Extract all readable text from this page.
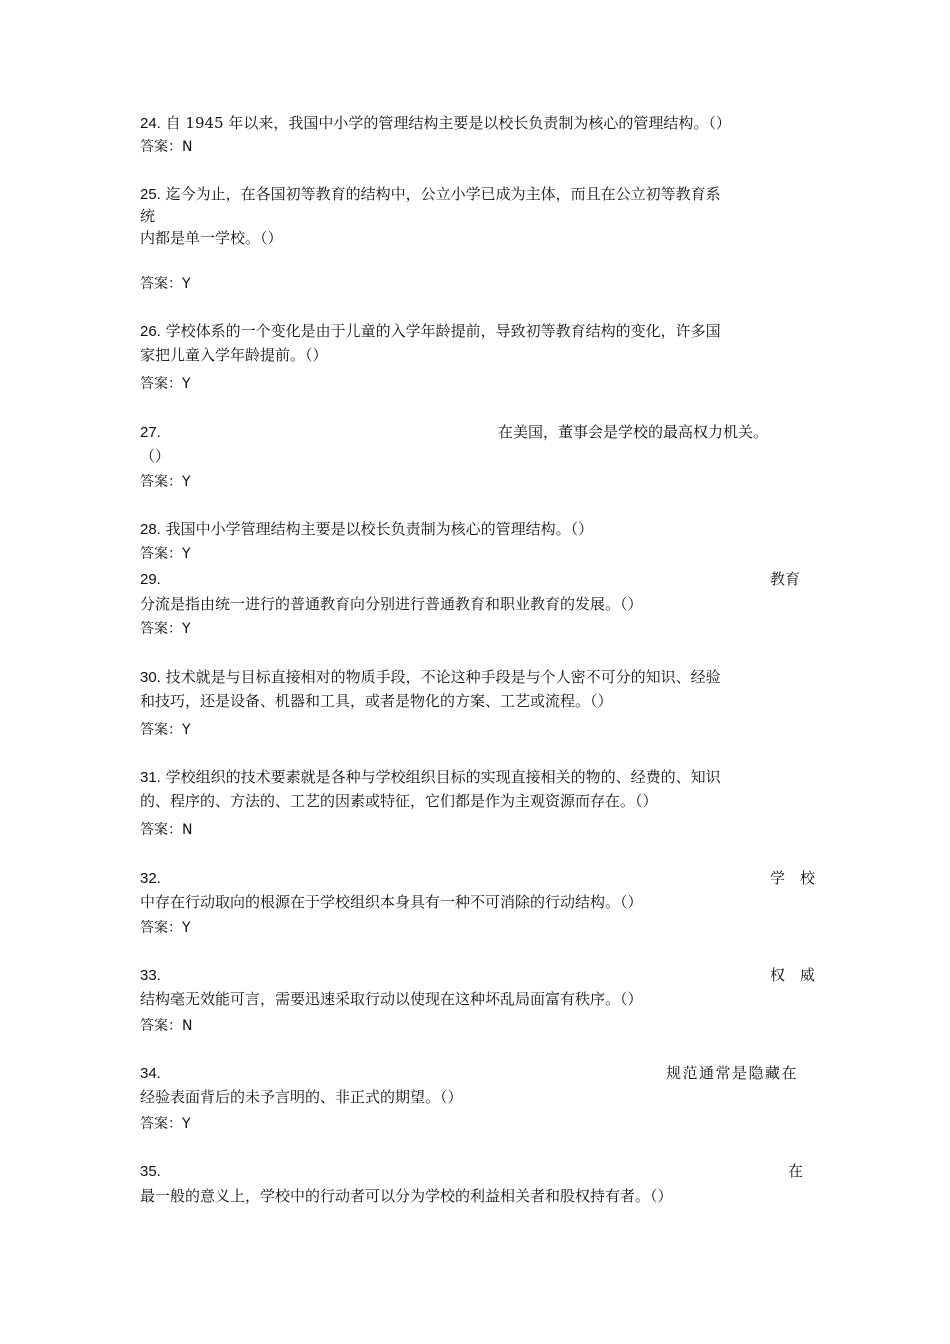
24. 自 1945 年以来，我国中小学的管理结构主要是以校长负责制为核心的管理结构。（）
答案：N
25. 迄今为止，在各国初等教育的结构中，公立小学已成为主体，而且在公立初等教育系
统
内都是单一学校。（）
答案：Y
26. 学校体系的一个变化是由于儿童的入学年龄提前，导致初等教育结构的变化，许多国
家把儿童入学年龄提前。（）
答案：Y
27.	在美国，董事会是学校的最高权力机关。
（）
答案：Y
28. 我国中小学管理结构主要是以校长负责制为核心的管理结构。（）
答案：Y
29.	教育
分流是指由统一进行的普通教育向分别进行普通教育和职业教育的发展。（）
答案：Y
30. 技术就是与目标直接相对的物质手段，不论这种手段是与个人密不可分的知识、经验
和技巧，还是设备、机器和工具，或者是物化的方案、工艺或流程。（）
答案：Y
31. 学校组织的技术要素就是各种与学校组织目标的实现直接相关的物的、经费的、知识
的、程序的、方法的、工艺的因素或特征，它们都是作为主观资源而存在。（）
答案：N
32.	学　校
中存在行动取向的根源在于学校组织本身具有一种不可消除的行动结构。（）
答案：Y
33.	权　威
结构毫无效能可言，需要迅速采取行动以使现在这种坏乱局面富有秩序。（）
答案：N
34.	规范通常是隐藏在
经验表面背后的未予言明的、非正式的期望。（）
答案：Y
35.	在
最一般的意义上，学校中的行动者可以分为学校的利益相关者和股权持有者。（）
